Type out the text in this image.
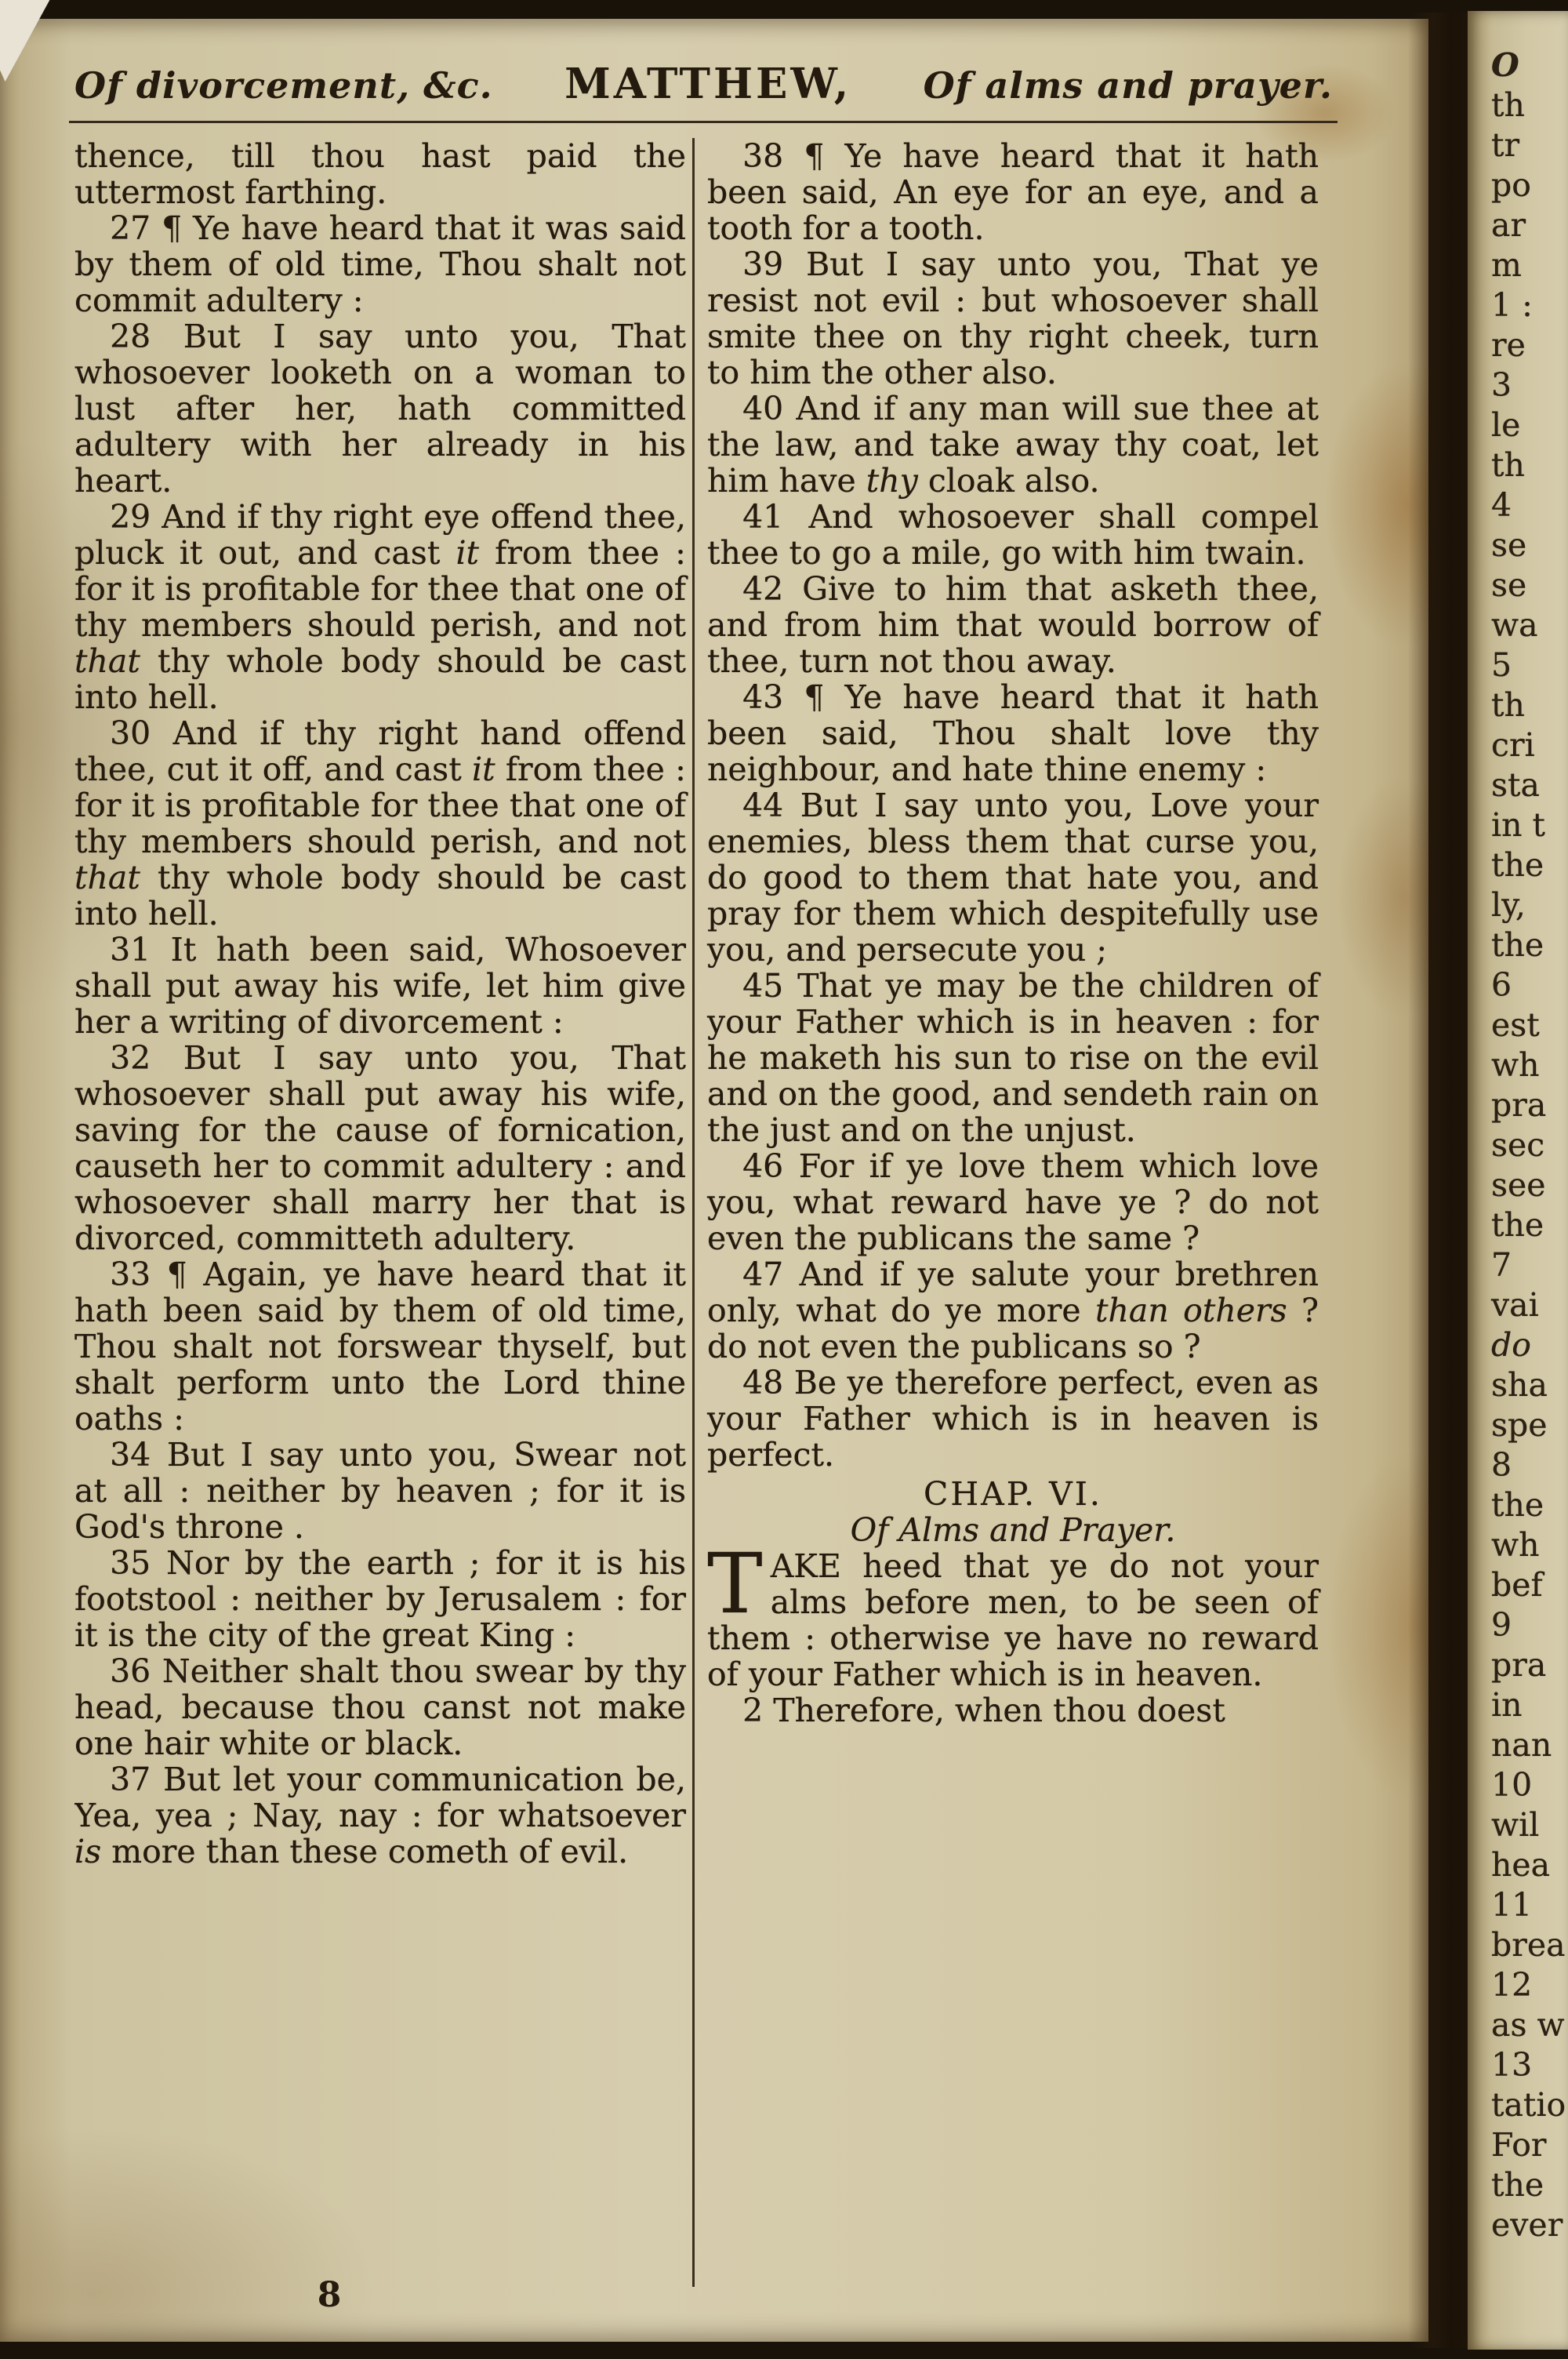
Of divorcement, &c. MATTHEW, Of alms and prayer.

thence, till thou hast paid the uttermost farthing.

27 ¶ Ye have heard that it was said by them of old time, Thou shalt not commit adultery :

28 But I say unto you, That whosoever looketh on a woman to lust after her, hath committed adultery with her already in his heart.

29 And if thy right eye offend thee, pluck it out, and cast it from thee : for it is profitable for thee that one of thy members should perish, and not that thy whole body should be cast into hell.

30 And if thy right hand offend thee, cut it off, and cast it from thee : for it is profitable for thee that one of thy members should perish, and not that thy whole body should be cast into hell.

31 It hath been said, Whosoever shall put away his wife, let him give her a writing of divorcement :

32 But I say unto you, That whosoever shall put away his wife, saving for the cause of fornication, causeth her to commit adultery : and whosoever shall marry her that is divorced, committeth adultery.

33 ¶ Again, ye have heard that it hath been said by them of old time, Thou shalt not forswear thyself, but shalt perform unto the Lord thine oaths :

34 But I say unto you, Swear not at all : neither by heaven ; for it is God's throne .

35 Nor by the earth ; for it is his footstool : neither by Jerusalem : for it is the city of the great King :

36 Neither shalt thou swear by thy head, because thou canst not make one hair white or black.

37 But let your communication be, Yea, yea ; Nay, nay : for whatsoever is more than these cometh of evil.

38 ¶ Ye have heard that it hath been said, An eye for an eye, and a tooth for a tooth.

39 But I say unto you, That ye resist not evil : but whosoever shall smite thee on thy right cheek, turn to him the other also.

40 And if any man will sue thee at the law, and take away thy coat, let him have thy cloak also.

41 And whosoever shall compel thee to go a mile, go with him twain.

42 Give to him that asketh thee, and from him that would borrow of thee, turn not thou away.

43 ¶ Ye have heard that it hath been said, Thou shalt love thy neighbour, and hate thine enemy :

44 But I say unto you, Love your enemies, bless them that curse you, do good to them that hate you, and pray for them which despitefully use you, and persecute you ;

45 That ye may be the children of your Father which is in heaven : for he maketh his sun to rise on the evil and on the good, and sendeth rain on the just and on the unjust.

46 For if ye love them which love you, what reward have ye ? do not even the publicans the same ?

47 And if ye salute your brethren only, what do ye more than others ? do not even the publicans so ?

48 Be ye therefore perfect, even as your Father which is in heaven is perfect.

CHAP. VI.

Of Alms and Prayer.

TAKE heed that ye do not your alms before men, to be seen of them : otherwise ye have no reward of your Father which is in heaven.

2 Therefore, when thou doest

8
O
th
tr
po
ar
m
1 :
re
3
le
th
4
se
se
wa
5
th
cri
sta
in t
the
ly,
the
6
est
wh
pra
sec
see
the
7
vai
do
sha
spe
8
the
wh
bef
9
pra
in
nan
10
wil
hea
11
brea
12
as w
13
tatio
For
the
ever
